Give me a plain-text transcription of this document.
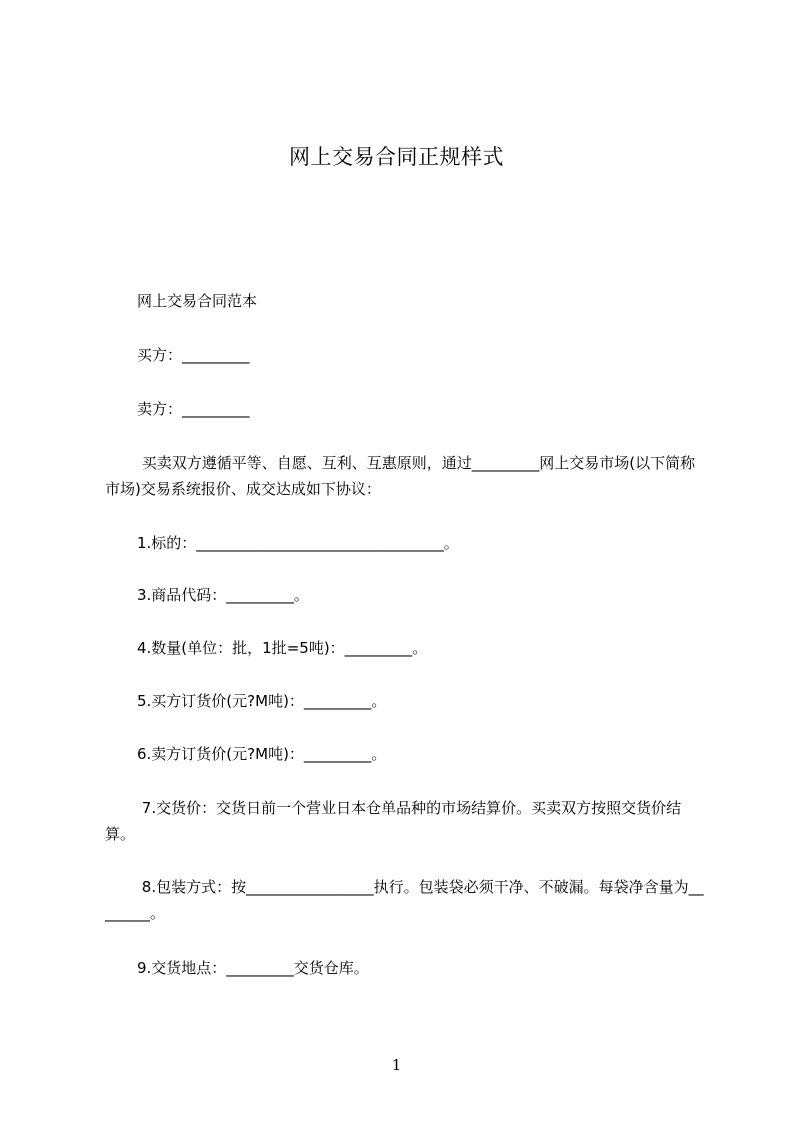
网上交易合同正规样式
网上交易合同范本
买方：_________
卖方：_________
买卖双方遵循平等、自愿、互利、互惠原则，通过_________网上交易市场(以下简称市场)交易系统报价、成交达成如下协议：
1.标的：_________________________________。
3.商品代码：_________。
4.数量(单位：批，1批=5吨)：_________。
5.买方订货价(元?M吨)：_________。
6.卖方订货价(元?M吨)：_________。
7.交货价：交货日前一个营业日本仓单品种的市场结算价。买卖双方按照交货价结算。
8.包装方式：按_________________执行。包装袋必须干净、不破漏。每袋净含量为________。
9.交货地点：_________交货仓库。
1
